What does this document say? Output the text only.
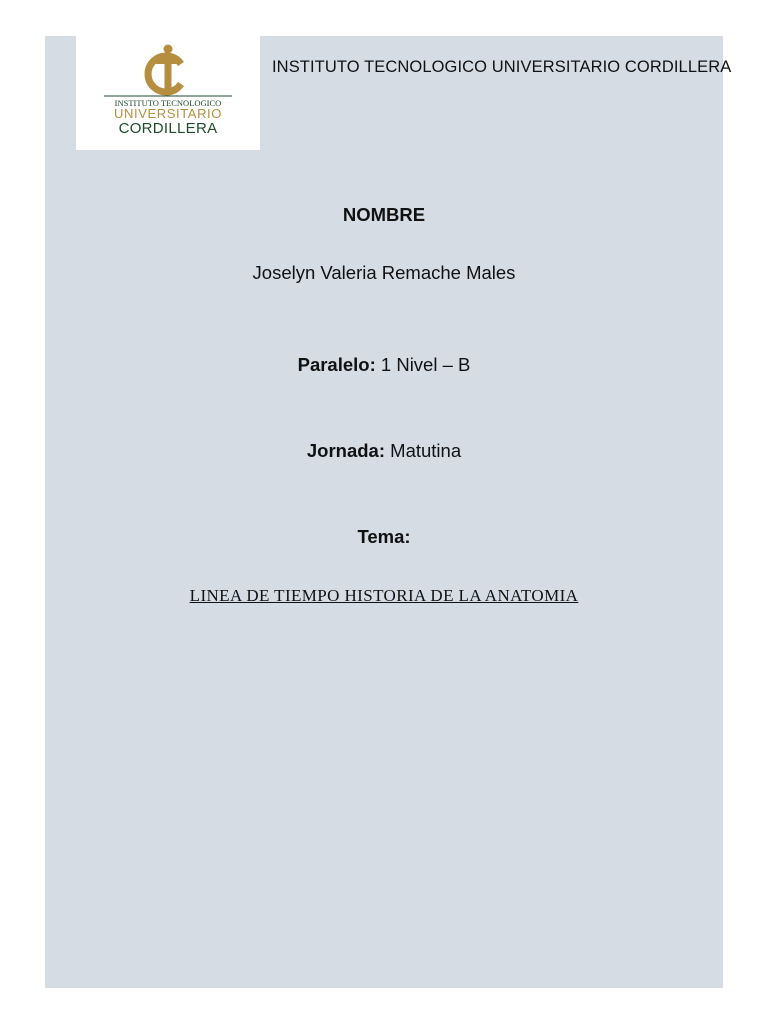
INSTITUTO TECNOLOGICO
UNIVERSITARIO
CORDILLERA
INSTITUTO TECNOLOGICO UNIVERSITARIO CORDILLERA
NOMBRE
Joselyn Valeria Remache Males
Paralelo: 1 Nivel – B
Jornada: Matutina
Tema:
LINEA DE TIEMPO HISTORIA DE LA ANATOMIA
